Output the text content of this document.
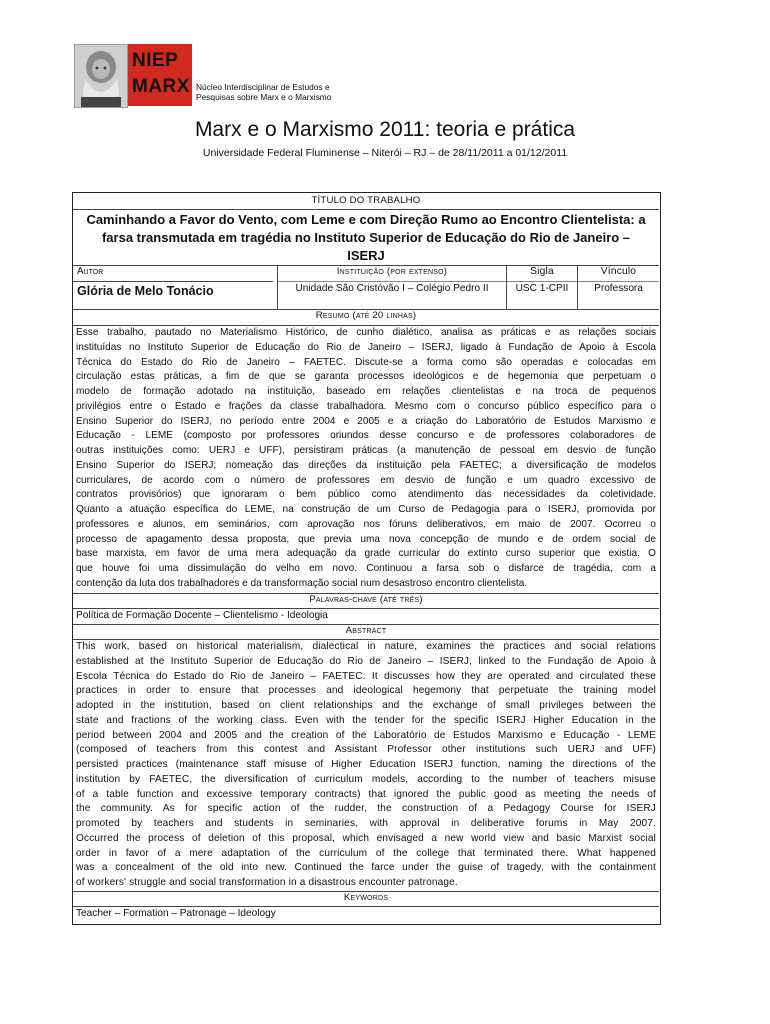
NIEP
MARX Núcleo Interdisciplinar de Estudos e
Pesquisas sobre Marx e o Marxismo
Marx e o Marxismo 2011: teoria e prática
Universidade Federal Fluminense – Niterói – RJ – de 28/11/2011 a 01/12/2011
TÍTULO DO TRABALHO
Caminhando a Favor do Vento, com Leme e com Direção Rumo ao Encontro Clientelista: a
farsa transmutada em tragédia no Instituto Superior de Educação do Rio de Janeiro –
ISERJ
Autor	Instituição (por extenso)	Sigla	Vínculo
Glória de Melo Tonácio	Unidade São Cristóvão I – Colégio Pedro II	USC 1-CPII	Professora
Resumo (até 20 linhas)
Esse trabalho, pautado no Materialismo Histórico, de cunho dialético, analisa as práticas e as relações sociais
instituídas no Instituto Superior de Educação do Rio de Janeiro – ISERJ, ligado à Fundação de Apoio à Escola
Técnica do Estado do Rio de Janeiro – FAETEC. Discute-se a forma como são operadas e colocadas em
circulação estas práticas, a fim de que se garanta processos ideológicos e de hegemonia que perpetuam o
modelo de formação adotado na instituição, baseado em relações clientelistas e na troca de pequenos
privilégios entre o Estado e frações da classe trabalhadora. Mesmo com o concurso público específico para o
Ensino Superior do ISERJ, no período entre 2004 e 2005 e a criação do Laboratório de Estudos Marxismo e
Educação - LEME (composto por professores oriundos desse concurso e de professores colaboradores de
outras instituições como: UERJ e UFF), persistiram práticas (a manutenção de pessoal em desvio de função
Ensino Superior do ISERJ; nomeação das direções da instituição pela FAETEC; a diversificação de modelos
curriculares, de acordo com o número de professores em desvio de função e um quadro excessivo de
contratos provisórios) que ignoraram o bem público como atendimento das necessidades da coletividade.
Quanto a atuação específica do LEME, na construção de um Curso de Pedagogia para o ISERJ, promovida por
professores e alunos, em seminários, com aprovação nos fóruns deliberativos, em maio de 2007. Ocorreu o
processo de apagamento dessa proposta, que previa uma nova concepção de mundo e de ordem social de
base marxista, em favor de uma mera adequação da grade curricular do extinto curso superior que existia. O
que houve foi uma dissimulação do velho em novo. Continuou a farsa sob o disfarce de tragédia, com a
contenção da luta dos trabalhadores e da transformação social num desastroso encontro clientelista.
Palavras-chave (até três)
Política de Formação Docente – Clientelismo - Ideologia
Abstract
This work, based on historical materialism, dialectical in nature, examines the practices and social relations
established at the Instituto Superior de Educação do Rio de Janeiro – ISERJ, linked to the Fundação de Apoio à
Escola Técnica do Estado do Rio de Janeiro – FAETEC. It discusses how they are operated and circulated these
practices in order to ensure that processes and ideological hegemony that perpetuate the training model
adopted in the institution, based on client relationships and the exchange of small privileges between the
state and fractions of the working class. Even with the tender for the specific ISERJ Higher Education in the
period between 2004 and 2005 and the creation of the Laboratório de Estudos Marxismo e Educação - LEME
(composed of teachers from this contest and Assistant Professor other institutions such UERJ and UFF)
persisted practices (maintenance staff misuse of Higher Education ISERJ function, naming the directions of the
institution by FAETEC, the diversification of curriculum models, according to the number of teachers misuse
of a table function and excessive temporary contracts) that ignored the public good as meeting the needs of
the community. As for specific action of the rudder, the construction of a Pedagogy Course for ISERJ
promoted by teachers and students in seminaries, with approval in deliberative forums in May 2007.
Occurred the process of deletion of this proposal, which envisaged a new world view and basic Marxist social
order in favor of a mere adaptation of the curriculum of the college that terminated there. What happened
was a concealment of the old into new. Continued the farce under the guise of tragedy, with the containment
of workers' struggle and social transformation in a disastrous encounter patronage.
Keywords
Teacher – Formation – Patronage – Ideology
